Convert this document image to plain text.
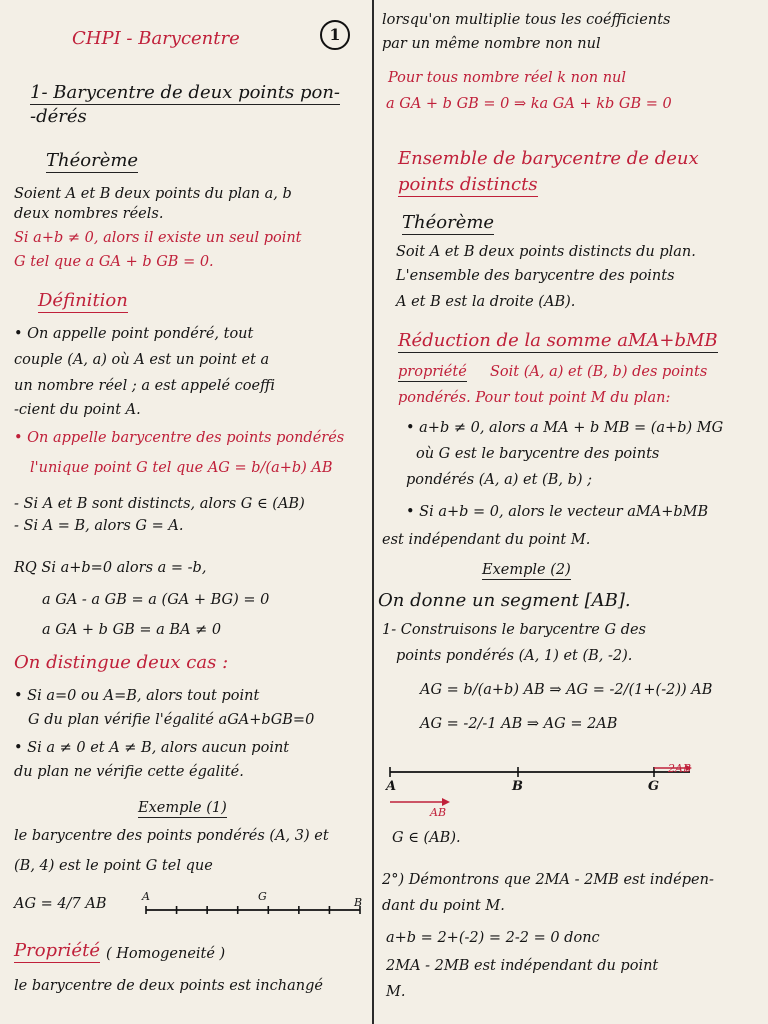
CHPI - Barycentre	1
1- Barycentre de deux points pon-
-dérés
Théorème
Soient A et B deux points du plan a, b
deux nombres réels.
Si a+b ≠ 0, alors il existe un seul point
G tel que a GA + b GB = 0.
Définition
• On appelle point pondéré, tout
couple (A, a) où A est un point et a
un nombre réel ; a est appelé coeffi
-cient du point A.
• On appelle barycentre des points pondérés
l'unique point G tel que AG = b/(a+b) AB
- Si A et B sont distincts, alors G ∈ (AB)
- Si A = B, alors G = A.
RQ Si a+b=0 alors a = -b,
a GA - a GB = a (GA + BG) = 0
a GA + b GB = a BA ≠ 0
On distingue deux cas :
• Si a=0 ou A=B, alors tout point
G du plan vérifie l'égalité aGA+bGB=0
• Si a ≠ 0 et A ≠ B, alors aucun point
du plan ne vérifie cette égalité.
Exemple (1)
le barycentre des points pondérés (A, 3) et
(B, 4) est le point G tel que
AG = 4/7 AB	A	G	B
Propriété ( Homogeneité )
le barycentre de deux points est inchangé
lorsqu'on multiplie tous les coéfficients
par un même nombre non nul
Pour tous nombre réel k non nul
a GA + b GB = 0 ⇒ ka GA + kb GB = 0
Ensemble de barycentre de deux
points distincts
Théorème
Soit A et B deux points distincts du plan.
L'ensemble des barycentre des points
A et B est la droite (AB).
Réduction de la somme aMA+bMB
propriété Soit (A, a) et (B, b) des points
pondérés. Pour tout point M du plan:
• a+b ≠ 0, alors a MA + b MB = (a+b) MG
où G est le barycentre des points
pondérés (A, a) et (B, b) ;
• Si a+b = 0, alors le vecteur aMA+bMB
est indépendant du point M.
Exemple (2)
On donne un segment [AB].
1- Construisons le barycentre G des
points pondérés (A, 1) et (B, -2).
AG = b/(a+b) AB ⇒ AG = -2/(1+(-2)) AB
AG = -2/-1 AB ⇒ AG = 2AB
A	B	G
2AB
AB
G ∈ (AB).
2°) Démontrons que 2MA - 2MB est indépen-
dant du point M.
a+b = 2+(-2) = 2-2 = 0 donc
2MA - 2MB est indépendant du point
M.
